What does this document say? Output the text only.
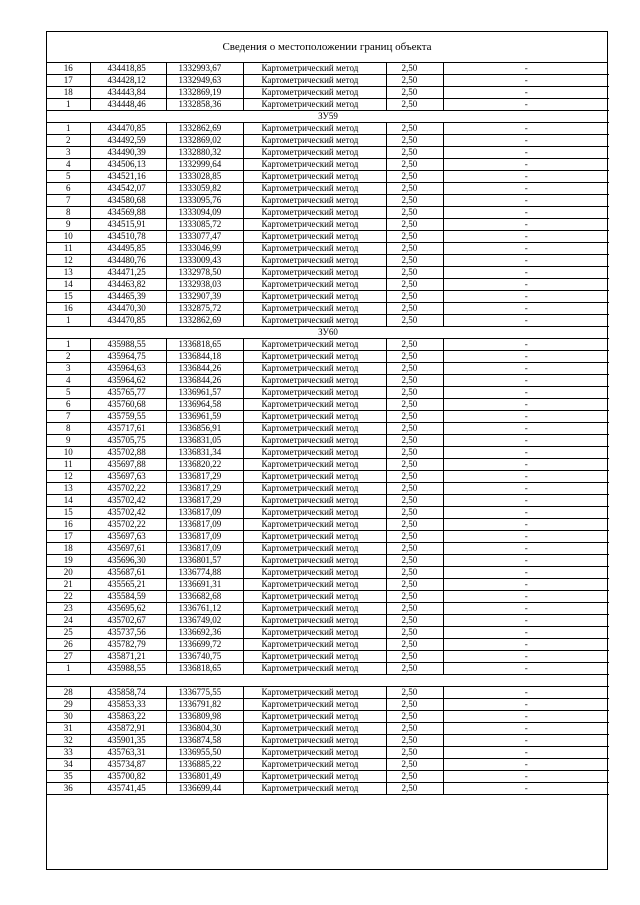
Сведения о местоположении границ объекта
16	434418,85	1332993,67	Картометрический метод	2,50	-
17	434428,12	1332949,63	Картометрический метод	2,50	-
18	434443,84	1332869,19	Картометрический метод	2,50	-
1	434448,46	1332858,36	Картометрический метод	2,50	-
ЗУ59					
1	434470,85	1332862,69	Картометрический метод	2,50	-
2	434492,59	1332869,02	Картометрический метод	2,50	-
3	434490,39	1332880,32	Картометрический метод	2,50	-
4	434506,13	1332999,64	Картометрический метод	2,50	-
5	434521,16	1333028,85	Картометрический метод	2,50	-
6	434542,07	1333059,82	Картометрический метод	2,50	-
7	434580,68	1333095,76	Картометрический метод	2,50	-
8	434569,88	1333094,09	Картометрический метод	2,50	-
9	434515,91	1333085,72	Картометрический метод	2,50	-
10	434510,78	1333077,47	Картометрический метод	2,50	-
11	434495,85	1333046,99	Картометрический метод	2,50	-
12	434480,76	1333009,43	Картометрический метод	2,50	-
13	434471,25	1332978,50	Картометрический метод	2,50	-
14	434463,82	1332938,03	Картометрический метод	2,50	-
15	434465,39	1332907,39	Картометрический метод	2,50	-
16	434470,30	1332875,72	Картометрический метод	2,50	-
1	434470,85	1332862,69	Картометрический метод	2,50	-
ЗУ60					
1	435988,55	1336818,65	Картометрический метод	2,50	-
2	435964,75	1336844,18	Картометрический метод	2,50	-
3	435964,63	1336844,26	Картометрический метод	2,50	-
4	435964,62	1336844,26	Картометрический метод	2,50	-
5	435765,77	1336961,57	Картометрический метод	2,50	-
6	435760,68	1336964,58	Картометрический метод	2,50	-
7	435759,55	1336961,59	Картометрический метод	2,50	-
8	435717,61	1336856,91	Картометрический метод	2,50	-
9	435705,75	1336831,05	Картометрический метод	2,50	-
10	435702,88	1336831,34	Картометрический метод	2,50	-
11	435697,88	1336820,22	Картометрический метод	2,50	-
12	435697,63	1336817,29	Картометрический метод	2,50	-
13	435702,22	1336817,29	Картометрический метод	2,50	-
14	435702,42	1336817,29	Картометрический метод	2,50	-
15	435702,42	1336817,09	Картометрический метод	2,50	-
16	435702,22	1336817,09	Картометрический метод	2,50	-
17	435697,63	1336817,09	Картометрический метод	2,50	-
18	435697,61	1336817,09	Картометрический метод	2,50	-
19	435696,30	1336801,57	Картометрический метод	2,50	-
20	435687,61	1336774,88	Картометрический метод	2,50	-
21	435565,21	1336691,31	Картометрический метод	2,50	-
22	435584,59	1336682,68	Картометрический метод	2,50	-
23	435695,62	1336761,12	Картометрический метод	2,50	-
24	435702,67	1336749,02	Картометрический метод	2,50	-
25	435737,56	1336692,36	Картометрический метод	2,50	-
26	435782,79	1336699,72	Картометрический метод	2,50	-
27	435871,21	1336740,75	Картометрический метод	2,50	-
1	435988,55	1336818,65	Картометрический метод	2,50	-

28	435858,74	1336775,55	Картометрический метод	2,50	-
29	435853,33	1336791,82	Картометрический метод	2,50	-
30	435863,22	1336809,98	Картометрический метод	2,50	-
31	435872,91	1336804,30	Картометрический метод	2,50	-
32	435901,35	1336874,58	Картометрический метод	2,50	-
33	435763,31	1336955,50	Картометрический метод	2,50	-
34	435734,87	1336885,22	Картометрический метод	2,50	-
35	435700,82	1336801,49	Картометрический метод	2,50	-
36	435741,45	1336699,44	Картометрический метод	2,50	-
